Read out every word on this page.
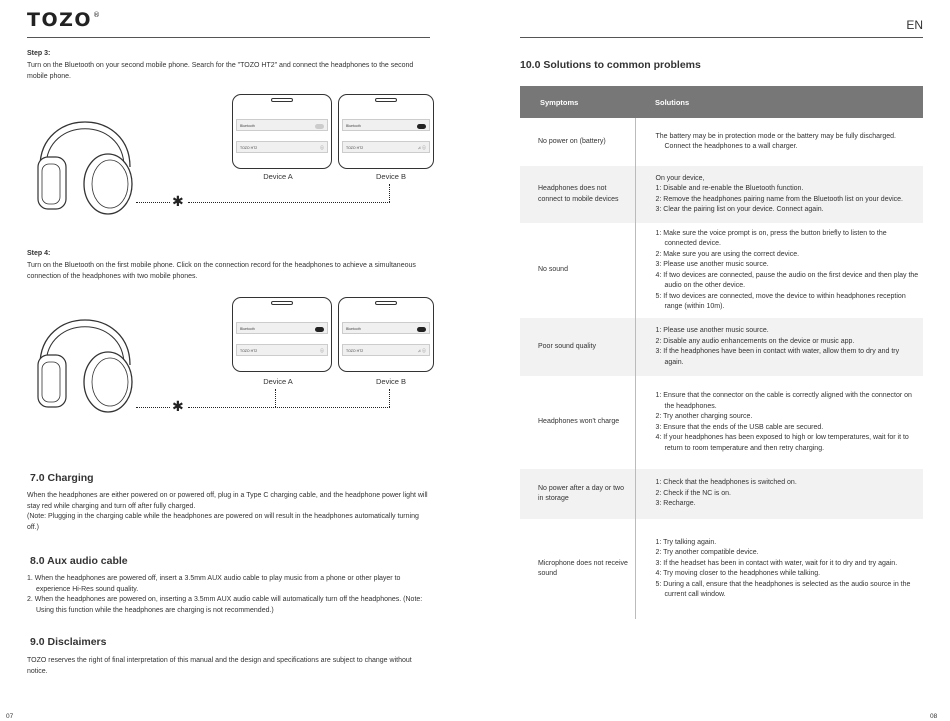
TOZO®
EN
Step 3:
Turn on the Bluetooth on your second mobile phone. Search for the "TOZO HT2" and connect the headphones to the second mobile phone.
Bluetooth
TOZO HT2	ⓘ
Bluetooth
TOZO HT2	♫ ⓘ
Device A	Device B
✱
Step 4:
Turn on the Bluetooth on the first mobile phone. Click on the connection record for the headphones to achieve a simultaneous connection of the headphones with two mobile phones.
Bluetooth
TOZO HT2	ⓘ
Bluetooth
TOZO HT2	♫ ⓘ
Device A	Device B
✱
7.0 Charging
When the headphones are either powered on or powered off, plug in a Type C charging cable, and the headphone power light will stay red while charging and turn off after fully charged.
(Note: Plugging in the charging cable while the headphones are powered on will result in the headphones automatically turning off.)
8.0 Aux audio cable
1. When the headphones are powered off, insert a 3.5mm AUX audio cable to play music from a phone or other player to experience Hi-Res sound quality.
2. When the headphones are powered on, inserting a 3.5mm AUX audio cable will automatically turn off the headphones. (Note: Using this function while the headphones are charging is not recommended.)
9.0 Disclaimers
TOZO reserves the right of final interpretation of this manual and the design and specifications are subject to change without notice.
07
10.0 Solutions to common problems
Symptoms	Solutions
No power on (battery)	The battery may be in protection mode or the battery may be fully discharged. Connect the headphones to a wall charger.

Headphones does not connect to mobile devices	On your device,
1: Disable and re-enable the Bluetooth function.
2: Remove the headphones pairing name from the Bluetooth list on your device.
3: Clear the pairing list on your device. Connect again.

No sound	1: Make sure the voice prompt is on, press the button briefly to listen to the connected device.
2: Make sure you are using the correct device.
3: Please use another music source.
4: If two devices are connected, pause the audio on the first device and then play the audio on the other device.
5: If two devices are connected, move the device to within headphones reception range (within 10m).

Poor sound quality	1: Please use another music source.
2: Disable any audio enhancements on the device or music app.
3: If the headphones have been in contact with water, allow them to dry and try again.

Headphones won't charge	1: Ensure that the connector on the cable is correctly aligned with the connector on the headphones.
2: Try another charging source.
3: Ensure that the ends of the USB cable are secured.
4: If your headphones has been exposed to high or low temperatures, wait for it to return to room temperature and then retry charging.

No power after a day or two in storage	1: Check that the headphones is switched on.
2: Check if the NC is on.
3: Recharge.

Microphone does not receive sound	1: Try talking again.
2: Try another compatible device.
3: If the headset has been in contact with water, wait for it to dry and try again.
4: Try moving closer to the headphones while talking.
5: During a call, ensure that the headphones is selected as the audio source in the current call window.
08
